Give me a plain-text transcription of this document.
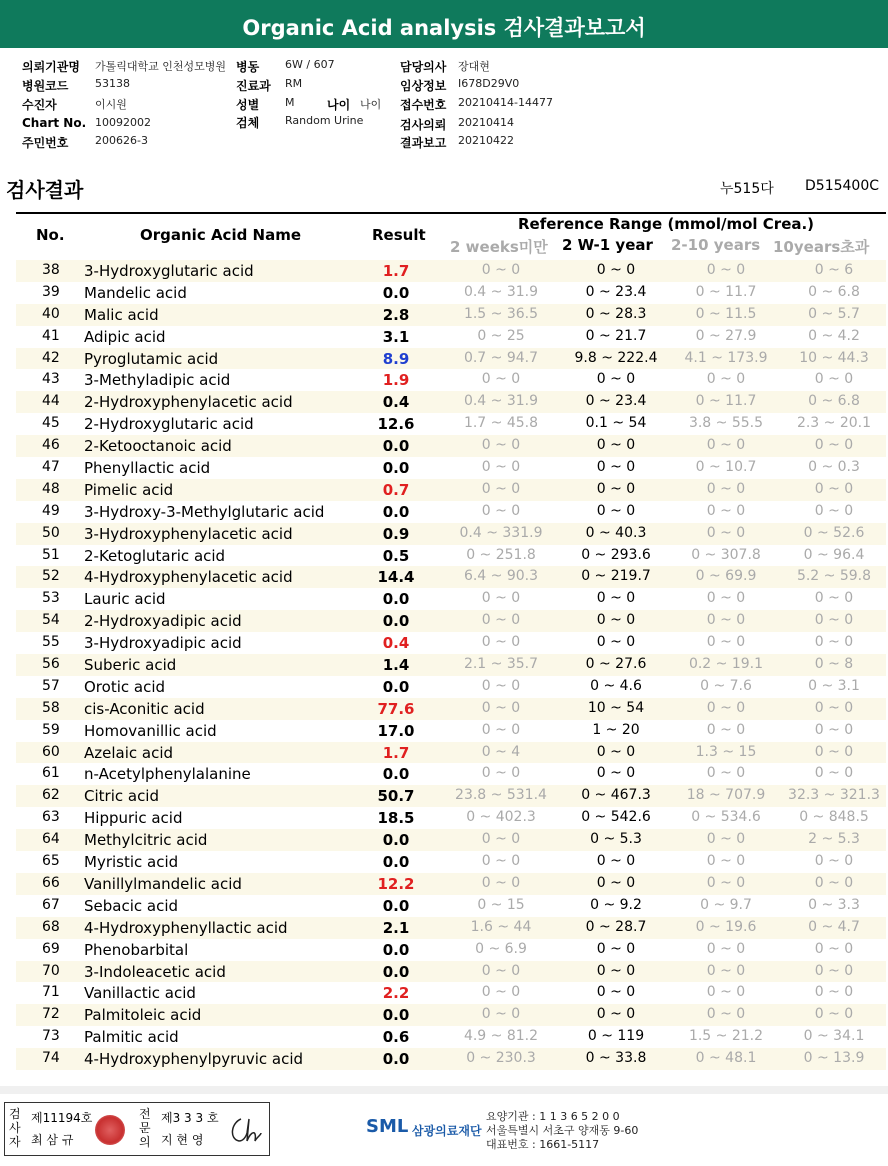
Organic Acid analysis 검사결과보고서
의뢰기관명 가톨릭대학교 인천성모병원 병동 6W / 607	담당의사 장대현
병원코드 53138	진료과 RM	임상정보 I678D29V0
수진자	이시원	성별 M	나이 나이 접수번호 20210414-14477
Chart No. 10092002	검체 Random Urine	검사의뢰 20210414
주민번호 200626-3	결과보고 20210422
검사결과	누515다 D515400C
No.	Organic Acid Name	Result
Reference Range (mmol/mol Crea.)
2 weeks미만 2 W-1 year 2-10 years 10years초과
38 3-Hydroxyglutaric acid	1.7	0 ~ 0	0 ~ 0	0 ~ 0	0 ~ 6
39 Mandelic acid	0.0	0.4 ~ 31.9	0 ~ 23.4	0 ~ 11.7	0 ~ 6.8
40 Malic acid	2.8	1.5 ~ 36.5	0 ~ 28.3	0 ~ 11.5	0 ~ 5.7
41 Adipic acid	3.1	0 ~ 25	0 ~ 21.7	0 ~ 27.9	0 ~ 4.2
42 Pyroglutamic acid	8.9	0.7 ~ 94.7	9.8 ~ 222.4	4.1 ~ 173.9	10 ~ 44.3
43 3-Methyladipic acid	1.9	0 ~ 0	0 ~ 0	0 ~ 0	0 ~ 0
44 2-Hydroxyphenylacetic acid	0.4	0.4 ~ 31.9	0 ~ 23.4	0 ~ 11.7	0 ~ 6.8
45 2-Hydroxyglutaric acid	12.6	1.7 ~ 45.8	0.1 ~ 54	3.8 ~ 55.5	2.3 ~ 20.1
46 2-Ketooctanoic acid	0.0	0 ~ 0	0 ~ 0	0 ~ 0	0 ~ 0
47 Phenyllactic acid	0.0	0 ~ 0	0 ~ 0	0 ~ 10.7	0 ~ 0.3
48 Pimelic acid	0.7	0 ~ 0	0 ~ 0	0 ~ 0	0 ~ 0
49 3-Hydroxy-3-Methylglutaric acid	0.0	0 ~ 0	0 ~ 0	0 ~ 0	0 ~ 0
50 3-Hydroxyphenylacetic acid	0.9	0.4 ~ 331.9	0 ~ 40.3	0 ~ 0	0 ~ 52.6
51 2-Ketoglutaric acid	0.5	0 ~ 251.8	0 ~ 293.6	0 ~ 307.8	0 ~ 96.4
52 4-Hydroxyphenylacetic acid	14.4	6.4 ~ 90.3	0 ~ 219.7	0 ~ 69.9	5.2 ~ 59.8
53 Lauric acid	0.0	0 ~ 0	0 ~ 0	0 ~ 0	0 ~ 0
54 2-Hydroxyadipic acid	0.0	0 ~ 0	0 ~ 0	0 ~ 0	0 ~ 0
55 3-Hydroxyadipic acid	0.4	0 ~ 0	0 ~ 0	0 ~ 0	0 ~ 0
56 Suberic acid	1.4	2.1 ~ 35.7	0 ~ 27.6	0.2 ~ 19.1	0 ~ 8
57 Orotic acid	0.0	0 ~ 0	0 ~ 4.6	0 ~ 7.6	0 ~ 3.1
58 cis-Aconitic acid	77.6	0 ~ 0	10 ~ 54	0 ~ 0	0 ~ 0
59 Homovanillic acid	17.0	0 ~ 0	1 ~ 20	0 ~ 0	0 ~ 0
60 Azelaic acid	1.7	0 ~ 4	0 ~ 0	1.3 ~ 15	0 ~ 0
61 n-Acetylphenylalanine	0.0	0 ~ 0	0 ~ 0	0 ~ 0	0 ~ 0
62 Citric acid	50.7	23.8 ~ 531.4	0 ~ 467.3	18 ~ 707.9	32.3 ~ 321.3
63 Hippuric acid	18.5	0 ~ 402.3	0 ~ 542.6	0 ~ 534.6	0 ~ 848.5
64 Methylcitric acid	0.0	0 ~ 0	0 ~ 5.3	0 ~ 0	2 ~ 5.3
65 Myristic acid	0.0	0 ~ 0	0 ~ 0	0 ~ 0	0 ~ 0
66 Vanillylmandelic acid	12.2	0 ~ 0	0 ~ 0	0 ~ 0	0 ~ 0
67 Sebacic acid	0.0	0 ~ 15	0 ~ 9.2	0 ~ 9.7	0 ~ 3.3
68 4-Hydroxyphenyllactic acid	2.1	1.6 ~ 44	0 ~ 28.7	0 ~ 19.6	0 ~ 4.7
69 Phenobarbital	0.0	0 ~ 6.9	0 ~ 0	0 ~ 0	0 ~ 0
70 3-Indoleacetic acid	0.0	0 ~ 0	0 ~ 0	0 ~ 0	0 ~ 0
71 Vanillactic acid	2.2	0 ~ 0	0 ~ 0	0 ~ 0	0 ~ 0
72 Palmitoleic acid	0.0	0 ~ 0	0 ~ 0	0 ~ 0	0 ~ 0
73 Palmitic acid	0.6	4.9 ~ 81.2	0 ~ 119	1.5 ~ 21.2	0 ~ 34.1
74 4-Hydroxyphenylpyruvic acid	0.0	0 ~ 230.3	0 ~ 33.8	0 ~ 48.1	0 ~ 13.9
검사자
제11194호
최 삼 규
전문의
제3 3 3 호
지 현 영
SML 삼광의료재단
요양기관 : 1 1 3 6 5 2 0 0
서울특별시 서초구 양재동 9-60
대표번호 : 1661-5117
